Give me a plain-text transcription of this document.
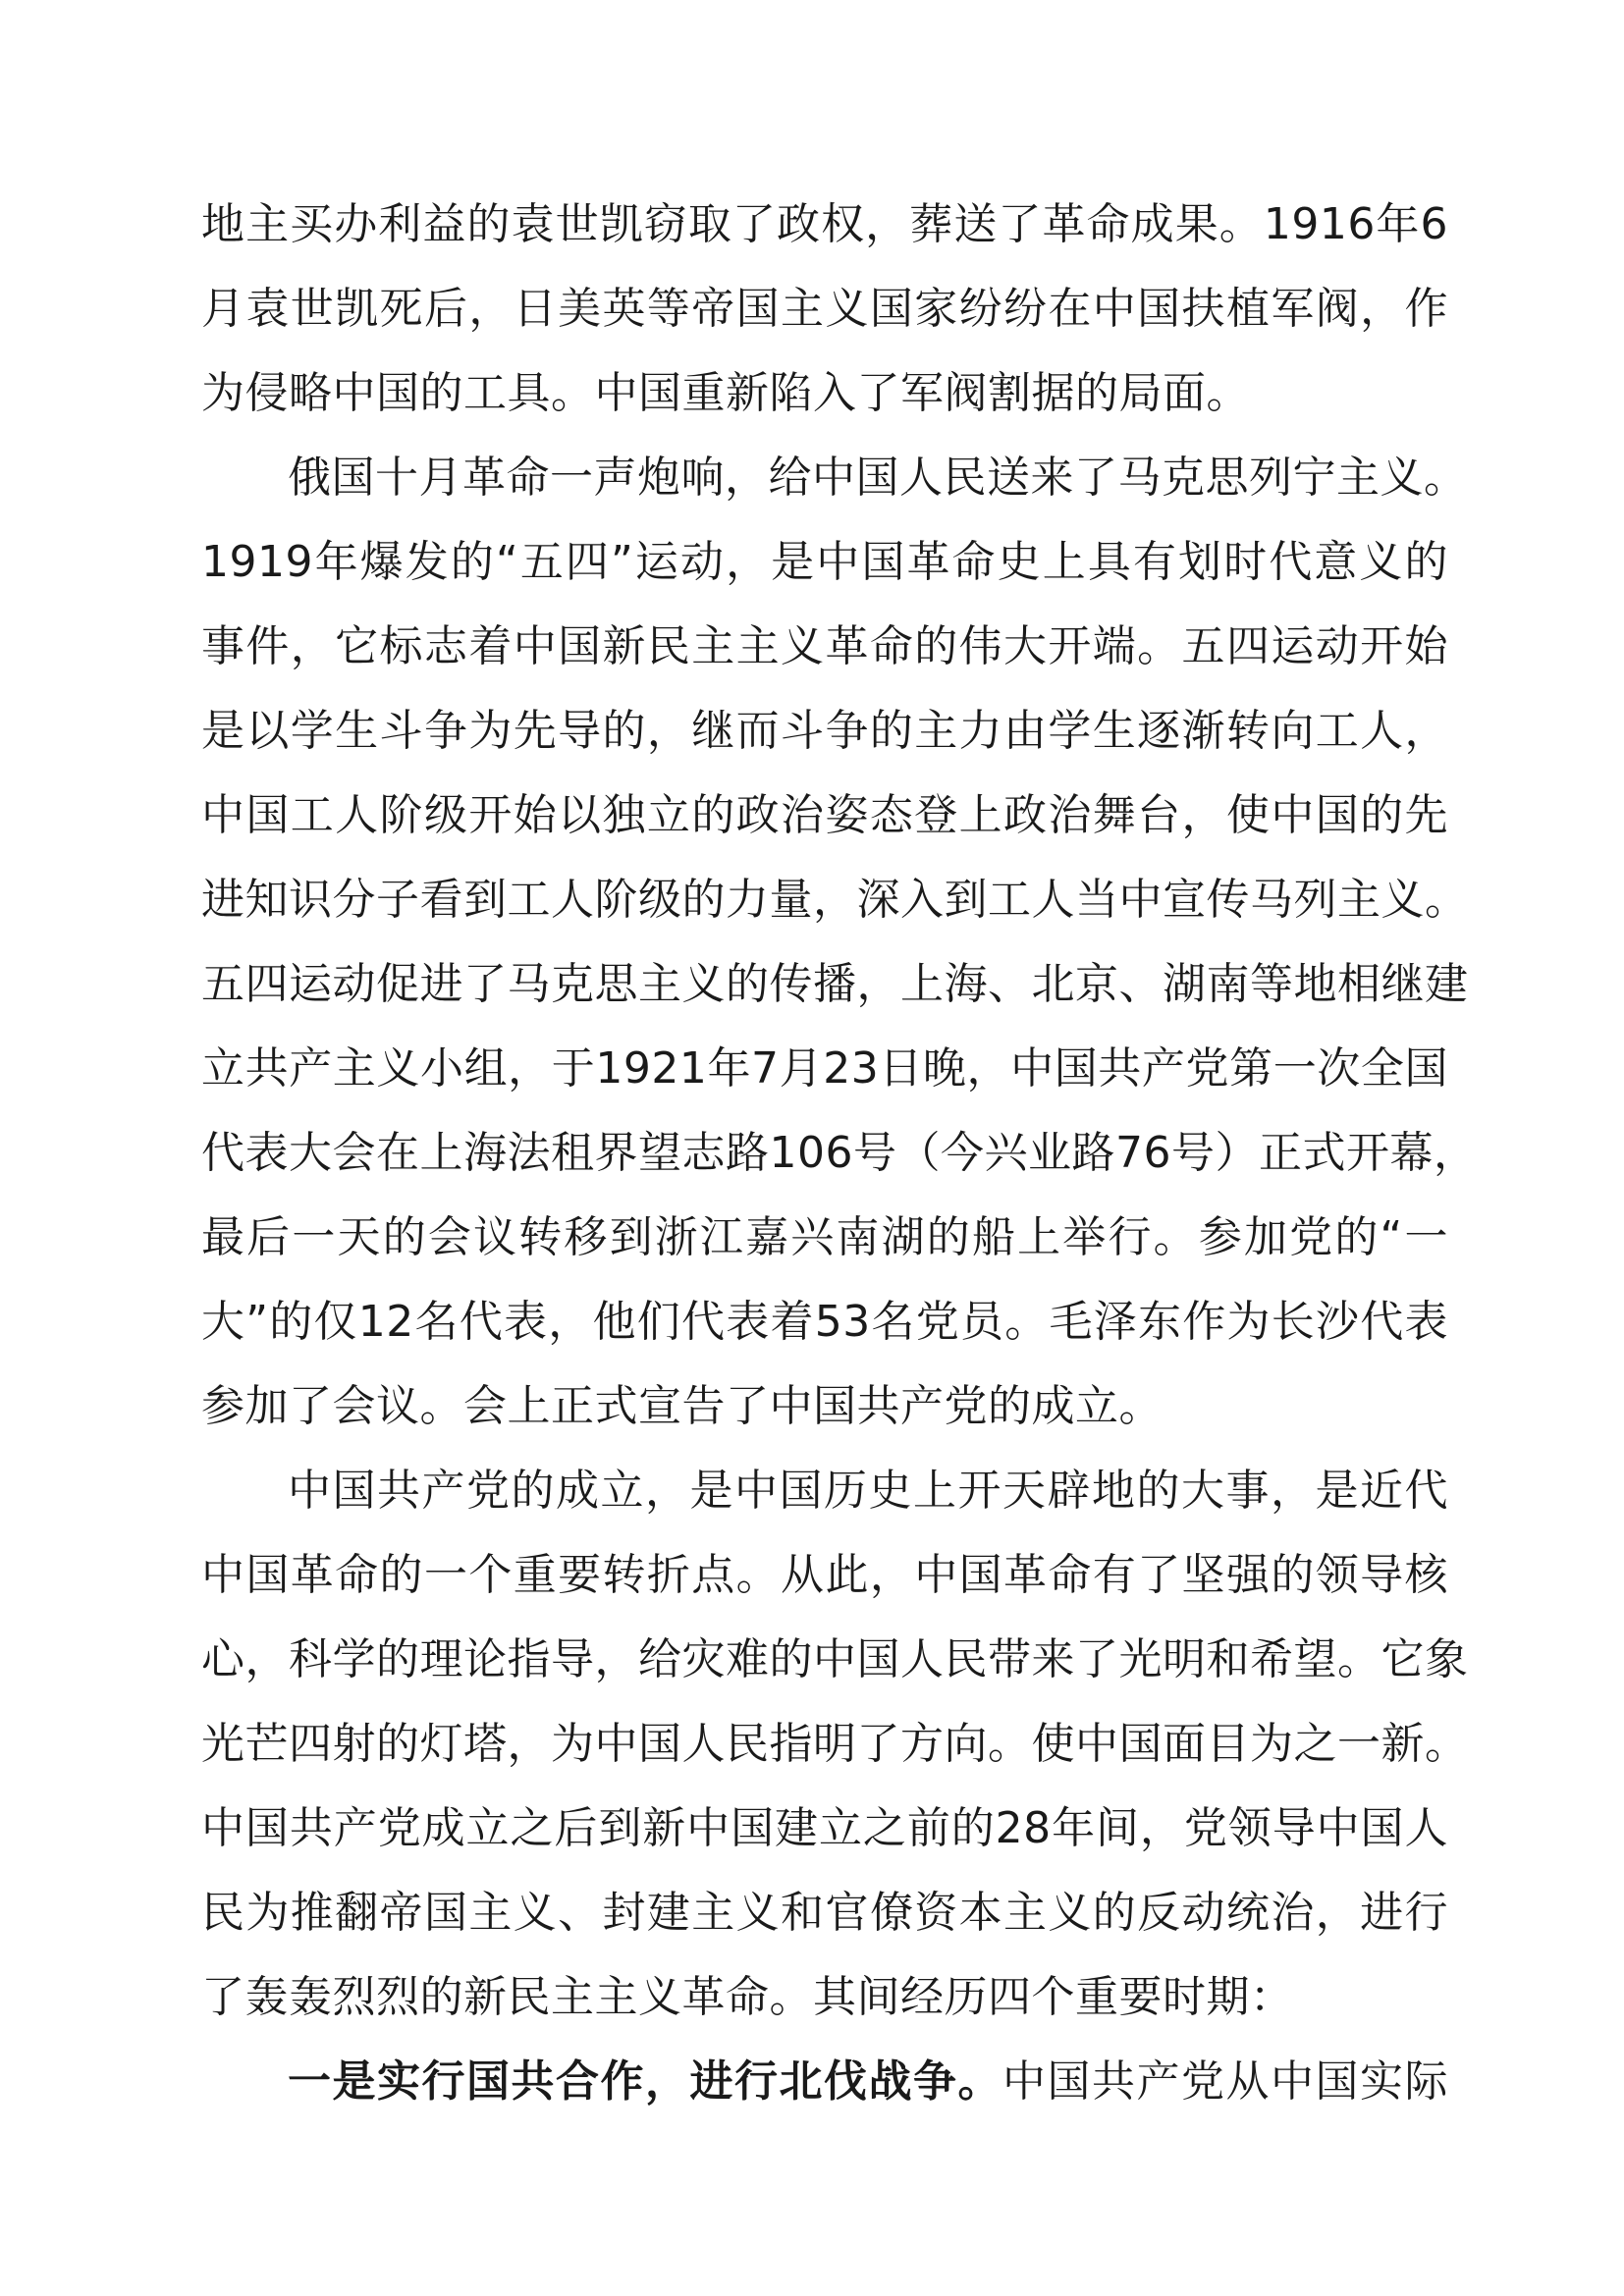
地主买办利益的袁世凯窃取了政权，葬送了革命成果。1916年6
月袁世凯死后，日美英等帝国主义国家纷纷在中国扶植军阀，作
为侵略中国的工具。中国重新陷入了军阀割据的局面。
俄国十月革命一声炮响，给中国人民送来了马克思列宁主义。
1919年爆发的“五四”运动，是中国革命史上具有划时代意义的
事件，它标志着中国新民主主义革命的伟大开端。五四运动开始
是以学生斗争为先导的，继而斗争的主力由学生逐渐转向工人，
中国工人阶级开始以独立的政治姿态登上政治舞台，使中国的先
进知识分子看到工人阶级的力量，深入到工人当中宣传马列主义。
五四运动促进了马克思主义的传播，上海、北京、湖南等地相继建
立共产主义小组，于1921年7月23日晚，中国共产党第一次全国
代表大会在上海法租界望志路106号（今兴业路76号）正式开幕，
最后一天的会议转移到浙江嘉兴南湖的船上举行。参加党的“一
大”的仅12名代表，他们代表着53名党员。毛泽东作为长沙代表
参加了会议。会上正式宣告了中国共产党的成立。
中国共产党的成立，是中国历史上开天辟地的大事，是近代
中国革命的一个重要转折点。从此，中国革命有了坚强的领导核
心，科学的理论指导，给灾难的中国人民带来了光明和希望。它象
光芒四射的灯塔，为中国人民指明了方向。使中国面目为之一新。
中国共产党成立之后到新中国建立之前的28年间，党领导中国人
民为推翻帝国主义、封建主义和官僚资本主义的反动统治，进行
了轰轰烈烈的新民主主义革命。其间经历四个重要时期：
一是实行国共合作，进行北伐战争。中国共产党从中国实际
